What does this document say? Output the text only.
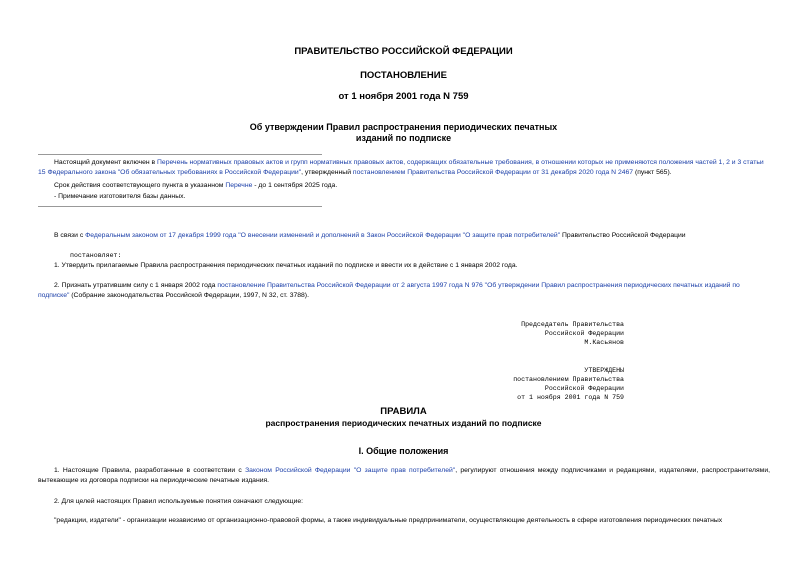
ПРАВИТЕЛЬСТВО РОССИЙСКОЙ ФЕДЕРАЦИИ
ПОСТАНОВЛЕНИЕ
от 1 ноября 2001 года N 759
Об утверждении Правил распространения периодических печатных
изданий по подписке
Настоящий документ включен в Перечень нормативных правовых актов и групп нормативных правовых актов, содержащих обязательные требования, в отношении которых не применяются положения частей 1, 2 и 3 статьи 15 Федерального закона "Об обязательных требованиях в Российской Федерации", утвержденный постановлением Правительства Российской Федерации от 31 декабря 2020 года N 2467 (пункт 565).
Срок действия соответствующего пункта в указанном Перечне - до 1 сентября 2025 года.
- Примечание изготовителя базы данных.
В связи с Федеральным законом от 17 декабря 1999 года "О внесении изменений и дополнений в Закон Российской Федерации "О защите прав потребителей" Правительство Российской Федерации
постановляет:
1. Утвердить прилагаемые Правила распространения периодических печатных изданий по подписке и ввести их в действие с 1 января 2002 года.
2. Признать утратившим силу с 1 января 2002 года постановление Правительства Российской Федерации от 2 августа 1997 года N 976 "Об утверждении Правил распространения периодических печатных изданий по подписке" (Собрание законодательства Российской Федерации, 1997, N 32, ст. 3788).
Председатель Правительства
Российской Федерации
М.Касьянов
УТВЕРЖДЕНЫ
постановлением Правительства
Российской Федерации
от 1 ноября 2001 года N 759
ПРАВИЛА
распространения периодических печатных изданий по подписке
I. Общие положения
1. Настоящие Правила, разработанные в соответствии с Законом Российской Федерации "О защите прав потребителей", регулируют отношения между подписчиками и редакциями, издателями, распространителями, вытекающие из договора подписки на периодические печатные издания.
2. Для целей настоящих Правил используемые понятия означают следующие:
"редакции, издатели" - организации независимо от организационно-правовой формы, а также индивидуальные предприниматели, осуществляющие деятельность в сфере изготовления периодических печатных
